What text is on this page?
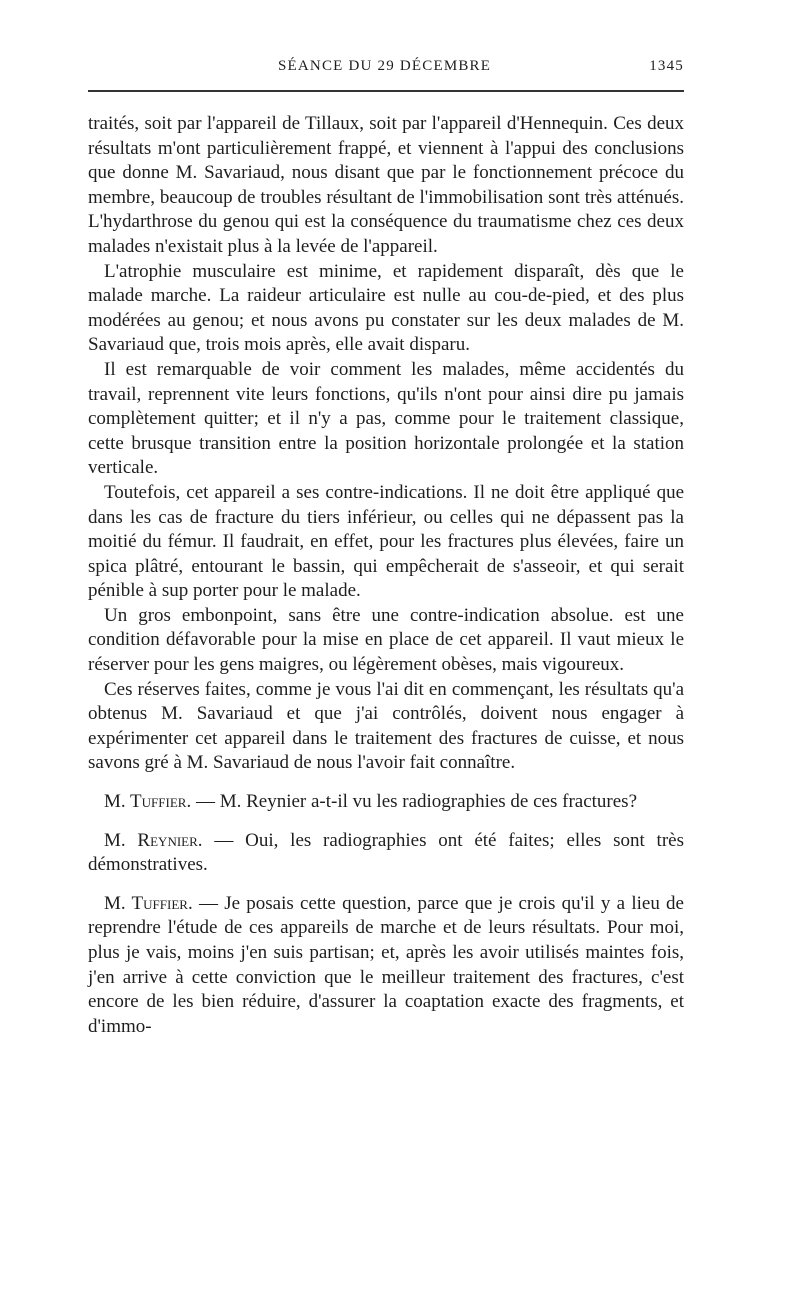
SÉANCE DU 29 DÉCEMBRE	1345

traités, soit par l'appareil de Tillaux, soit par l'appareil d'Hennequin. Ces deux résultats m'ont particulièrement frappé, et viennent à l'appui des conclusions que donne M. Savariaud, nous disant que par le fonctionnement précoce du membre, beaucoup de troubles résultant de l'immobilisation sont très atténués. L'hydarthrose du genou qui est la conséquence du traumatisme chez ces deux malades n'existait plus à la levée de l'appareil.

L'atrophie musculaire est minime, et rapidement disparaît, dès que le malade marche. La raideur articulaire est nulle au cou-de-pied, et des plus modérées au genou; et nous avons pu constater sur les deux malades de M. Savariaud que, trois mois après, elle avait disparu.

Il est remarquable de voir comment les malades, même accidentés du travail, reprennent vite leurs fonctions, qu'ils n'ont pour ainsi dire pu jamais complètement quitter; et il n'y a pas, comme pour le traitement classique, cette brusque transition entre la position horizontale prolongée et la station verticale.

Toutefois, cet appareil a ses contre-indications. Il ne doit être appliqué que dans les cas de fracture du tiers inférieur, ou celles qui ne dépassent pas la moitié du fémur. Il faudrait, en effet, pour les fractures plus élevées, faire un spica plâtré, entourant le bassin, qui empêcherait de s'asseoir, et qui serait pénible à sup porter pour le malade.

Un gros embonpoint, sans être une contre-indication absolue. est une condition défavorable pour la mise en place de cet appareil. Il vaut mieux le réserver pour les gens maigres, ou légèrement obèses, mais vigoureux.

Ces réserves faites, comme je vous l'ai dit en commençant, les résultats qu'a obtenus M. Savariaud et que j'ai contrôlés, doivent nous engager à expérimenter cet appareil dans le traitement des fractures de cuisse, et nous savons gré à M. Savariaud de nous l'avoir fait connaître.

M. Tuffier. — M. Reynier a-t-il vu les radiographies de ces fractures?

M. Reynier. — Oui, les radiographies ont été faites; elles sont très démonstratives.

M. Tuffier. — Je posais cette question, parce que je crois qu'il y a lieu de reprendre l'étude de ces appareils de marche et de leurs résultats. Pour moi, plus je vais, moins j'en suis partisan; et, après les avoir utilisés maintes fois, j'en arrive à cette conviction que le meilleur traitement des fractures, c'est encore de les bien réduire, d'assurer la coaptation exacte des fragments, et d'immo-
